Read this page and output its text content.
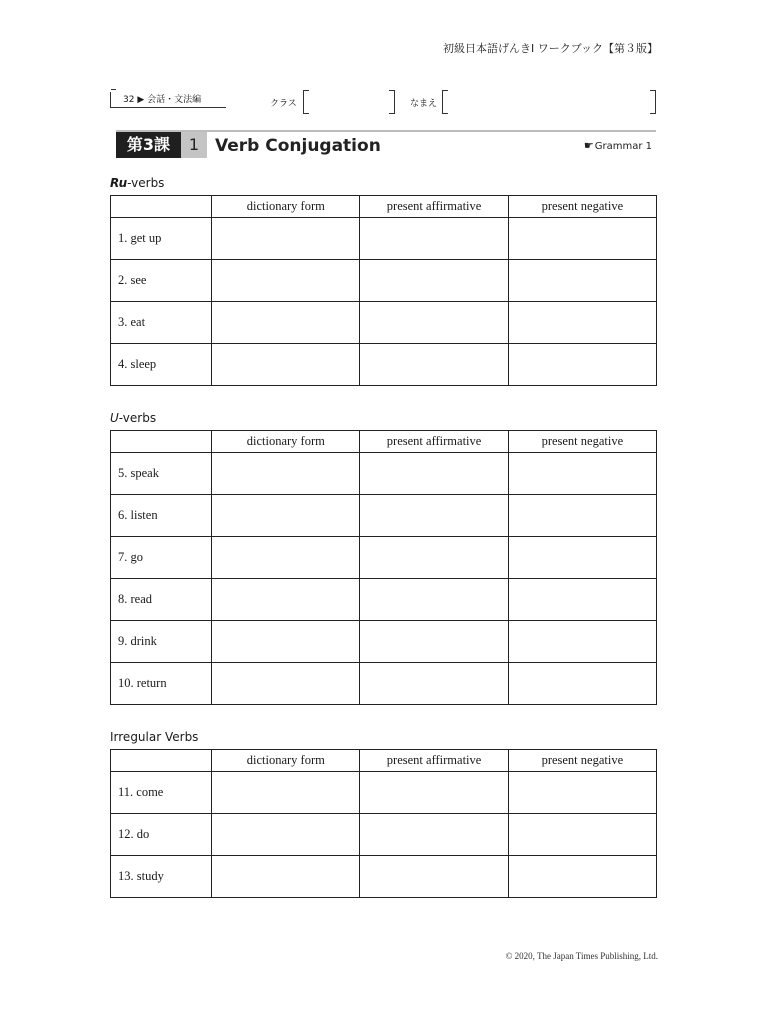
初級日本語げんきⅠ ワークブック【第３版】
32 ▶ 会話・文法編	クラス	なまえ
第3課	1 Verb Conjugation	☛Grammar 1
Ru-verbs
	dictionary form	present affirmative	present negative
1. get up			
2. see			
3. eat			
4. sleep			
U-verbs
	dictionary form	present affirmative	present negative
5. speak			
6. listen			
7. go			
8. read			
9. drink			
10. return			
Irregular Verbs
	dictionary form	present affirmative	present negative
11. come			
12. do			
13. study			
© 2020, The Japan Times Publishing, Ltd.
